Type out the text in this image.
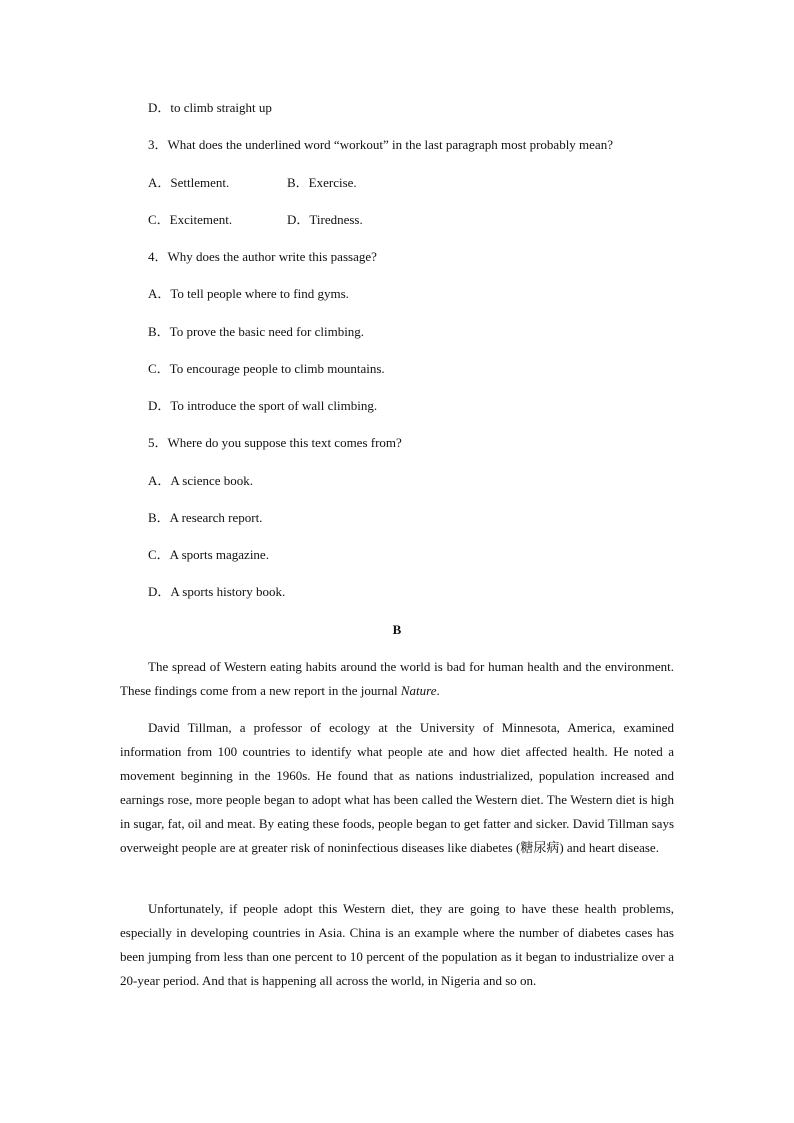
D．to climb straight up
3．What does the underlined word “workout” in the last paragraph most probably mean?
A．Settlement.	B．Exercise.
C．Excitement.	D．Tiredness.
4．Why does the author write this passage?
A．To tell people where to find gyms.
B．To prove the basic need for climbing.
C．To encourage people to climb mountains.
D．To introduce the sport of wall climbing.
5．Where do you suppose this text comes from?
A．A science book.
B．A research report.
C．A sports magazine.
D．A sports history book.
B
The spread of Western eating habits around the world is bad for human health and the environment. These findings come from a new report in the journal Nature.
David Tillman, a professor of ecology at the University of Minnesota, America, examined information from 100 countries to identify what people ate and how diet affected health. He noted a movement beginning in the 1960s. He found that as nations industrialized, population increased and earnings rose, more people began to adopt what has been called the Western diet. The Western diet is high in sugar, fat, oil and meat. By eating these foods, people began to get fatter and sicker. David Tillman says overweight people are at greater risk of noninfectious diseases like diabetes (糖尿病) and heart disease.
Unfortunately, if people adopt this Western diet, they are going to have these health problems, especially in developing countries in Asia. China is an example where the number of diabetes cases has been jumping from less than one percent to 10 percent of the population as it began to industrialize over a 20-year period. And that is happening all across the world, in Nigeria and so on.
